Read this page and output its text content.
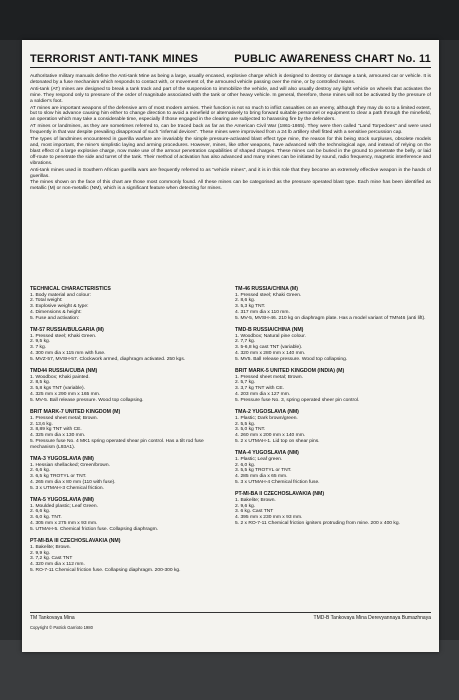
TERRORIST ANTI-TANK MINES	PUBLIC AWARENESS CHART No. 11

Authoritative military manuals define the Anti-tank Mine as being a large, usually encased, explosive charge which is designed to destroy or damage a tank, armoured car or vehicle. It is detonated by a fuse mechanism which responds to contact with, or movement of, the armoured vehicle passing over the mine, or by controlled means.

Anti-tank (AT) mines are designed to break a tank track and part of the suspension to immobilize the vehicle, and will also usually destroy any light vehicle on wheels that activates the mine. They respond only to pressure of the order of magnitude associated with the tank or other heavy vehicle. In general, therefore, these mines will not be activated by the pressure of a soldier's foot.

AT mines are important weapons of the defensive arm of most modern armies. Their function is not so much to inflict casualties on an enemy, although they may do so to a limited extent, but to slow his advance causing him either to change direction to avoid a minefield or alternatively to bring forward suitable personnel or equipment to clear a path through the minefield, an operation which may take a considerable time, especially if those engaged in the clearing are subjected to harassing fire by the defenders.

AT mines or landmines, as they are sometimes referred to, can be traced back as far as the American Civil War (1861-1865). They were then called "Land Torpedoes" and were used frequently in that war despite prevailing disapproval of such "infernal devices". These mines were improvised from a 24 lb artillery shell fitted with a sensitive percussion cap.

The types of landmines encountered in guerilla warfare are invariably the simple pressure-activated blast effect type mine, the reason for this being stock surpluses, obsolete models and, most important, the mine's simplistic laying and arming procedures. However, mines, like other weapons, have advanced with the technological age, and instead of relying on the blast effect of a large explosive charge, now make use of the armour penetration capabilities of shaped charges. These mines can be buried in the ground to penetrate the belly, or laid off-route to penetrate the side and turret of the tank. Their method of activation has also advanced and many mines can be initiated by sound, radio frequency, magnetic interference and vibrations.

Anti-tank mines used in Southern African guerilla wars are frequently referred to as "vehicle mines", and it is in this role that they become an extremely effective weapon in the hands of guerillas.

The mines shown on the face of this chart are those most commonly found. All these mines can be categorised as the pressure operated blast type. Each mine has been identified as metallic (M) or non-metallic (NM), which is a significant feature when detecting for mines.

TECHNICAL CHARACTERISTICS
1. Body material and colour:
2. Total weight:
3. Explosive weight & type:
4. Dimensions & height:
5. Fuse and activation:
TM-57 RUSSIA/BULGARIA (M)
1. Pressed steel; Khaki Green.
2. 9,5 kg.
3. 7 kg.
4. 300 mm dia x 115 mm with fuse.
5. MVZ-57, MVSH-57. Clockwork armed, diaphragm activated. 250 kgs.
TMD44 RUSSIA/CUBA (NM)
1. Woodbox; Khaki painted.
2. 8,5 kg.
3. 5,8 kgs TNT (variable).
4. 325 mm x 290 mm x 165 mm.
5. MV-5. Ball release pressure. Wood top collapsing.
BRIT MARK-7 UNITED KINGDOM (M)
1. Pressed sheet metal; Brown.
2. 13,6 kg.
3. 8,89 kg TNT with CE.
4. 325 mm dia x 130 mm.
5. Pressure fuse No. 4 MK1 spring operated shear pin control. Has a tilt rod fuse mechanism (L93A1).
TMA-3 YUGOSLAVIA (NM)
1. Hessian shellacked; Green/brown.
2. 6,6 kg.
3. 6,5 kg TROTYL or TNT.
4. 265 mm dia x 80 mm (110 with fuse).
5. 3 x UTMAH-3 Chemical friction.
TMA-5 YUGOSLAVIA (NM)
1. Moulded plastic; Leaf Green.
2. 6,6 kg.
3. 6,0 kg. TNT.
4. 305 mm x 275 mm x 93 mm.
5. UTMAH-5. Chemical friction fuse. Collapsing diaphragm.
PT-MI-BA III CZECHOSLAVAKIA (NM)
1. Bakelite; Brown.
2. 9,9 kg.
3. 7,2 kg. Cast TNT
4. 320 mm dia x 112 mm.
5. RO-7-11 Chemical friction fuse. Collapsing diaphragm. 200-300 kg.
TM-46 RUSSIA/CHINA (M)
1. Pressed steel; Khaki Green.
2. 8,6 kg.
3. 5,3 kg TNT.
4. 317 mm dia x 110 mm.
5. MV-5, MVSH-46. 210 kg on diaphragm plate. Has a model variant of TMN46 (anti lift).
TMD-B RUSSIA/CHINA (NM)
1. Woodbox; Natural pine colour.
2. 7,7 kg.
3. 5-6,8 kg cast TNT (variable).
4. 320 mm x 280 mm x 140 mm.
5. MV5. Ball release pressure. Wood top collapsing.
BRIT MARK-5 UNITED KINGDOM (INDIA) (M)
1. Pressed sheet metal; Brown.
2. 5,7 kg.
3. 3,7 kg TNT with CE.
4. 203 mm dia x 127 mm.
5. Pressure fuse No. 3, spring operated sheer pin control.
TMA-2 YUGOSLAVIA (NM)
1. Plastic; Dark brown/green.
2. 5,5 kg.
3. 5,0 kg TNT.
4. 260 mm x 200 mm x 140 mm.
5. 2 x UTMAH-1. Lid top on shear pins.
TMA-4 YUGOSLAVIA (NM)
1. Plastic; Leaf green.
2. 6,0 kg.
3. 5,5 kg TROTYL or TNT.
4. 285 mm dia x 65 mm.
5. 3 x UTMAH-4 Chemical friction fuse.
PT-MI-BA II CZECHOSLAVAKIA (NM)
1. Bakelite; Brown.
2. 9,6 kg.
3. 6 kg. Cast TNT
4. 395 mm x 230 mm x 93 mm.
5. 2 x RO-7-11 Chemical friction igniters protruding from mine. 200 x 400 kg.
TM Tankovaya Mina	TMD-B Tankovaya Mina Derevyannaya Bumazhnaya
Copyright © Patrick Garrioto 1980
